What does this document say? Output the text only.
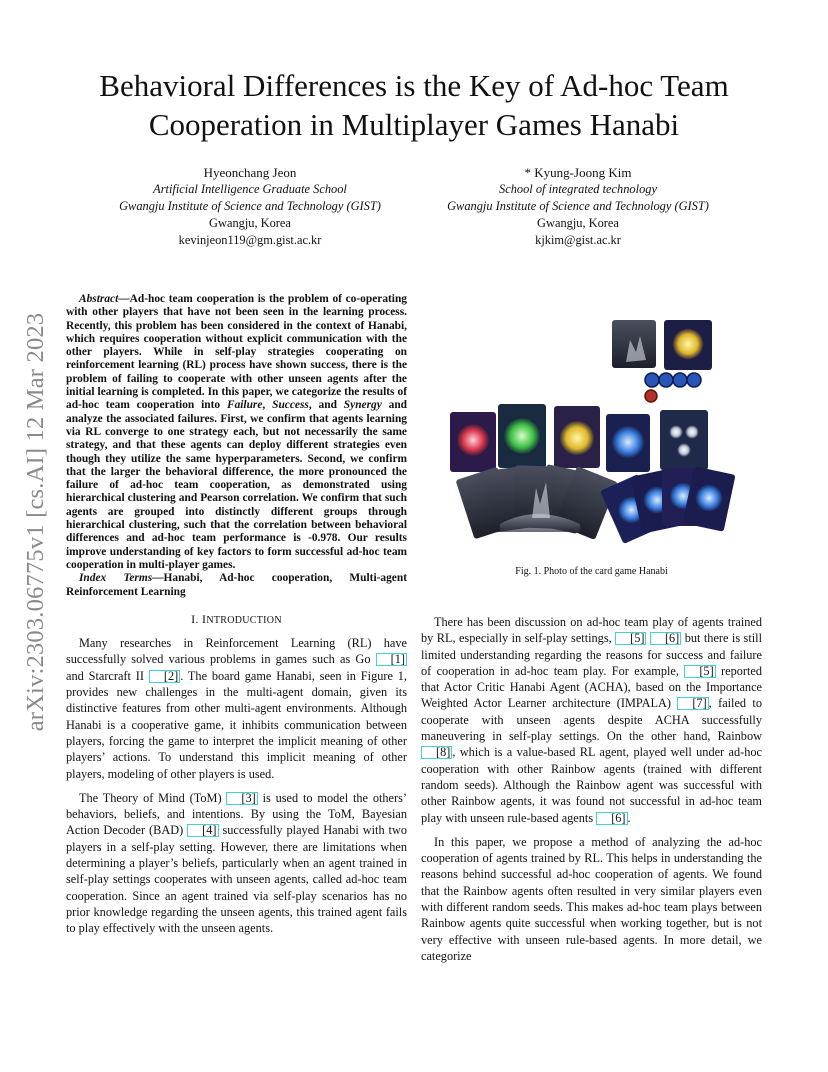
arXiv:2303.06775v1 [cs.AI] 12 Mar 2023
Behavioral Differences is the Key of Ad-hoc Team
Cooperation in Multiplayer Games Hanabi
Hyeonchang Jeon
Artificial Intelligence Graduate School
Gwangju Institute of Science and Technology (GIST)
Gwangju, Korea
kevinjeon119@gm.gist.ac.kr
* Kyung-Joong Kim
School of integrated technology
Gwangju Institute of Science and Technology (GIST)
Gwangju, Korea
kjkim@gist.ac.kr

Abstract—Ad-hoc team cooperation is the problem of co-operating with other players that have not been seen in the learning process. Recently, this problem has been considered in the context of Hanabi, which requires cooperation without explicit communication with the other players. While in self-play strategies cooperating on reinforcement learning (RL) process have shown success, there is the problem of failing to cooperate with other unseen agents after the initial learning is completed. In this paper, we categorize the results of ad-hoc team cooperation into Failure, Success, and Synergy and analyze the associated failures. First, we confirm that agents learning via RL converge to one strategy each, but not necessarily the same strategy, and that these agents can deploy different strategies even though they utilize the same hyperparameters. Second, we confirm that the larger the behavioral difference, the more pronounced the failure of ad-hoc team cooperation, as demonstrated using hierarchical clustering and Pearson correlation. We confirm that such agents are grouped into distinctly different groups through hierarchical clustering, such that the correlation between behavioral differences and ad-hoc team performance is -0.978. Our results improve understanding of key factors to form successful ad-hoc team cooperation in multi-player games.

Index Terms—Hanabi, Ad-hoc cooperation, Multi-agent Reinforcement Learning

I. INTRODUCTION

Many researches in Reinforcement Learning (RL) have successfully solved various problems in games such as Go [1] and Starcraft II [2] . The board game Hanabi, seen in Figure 1, provides new challenges in the multi-agent domain, given its distinctive features from other multi-agent environments. Although Hanabi is a cooperative game, it inhibits communication between players, forcing the game to interpret the implicit meaning of other players’ actions. To understand this implicit meaning of other players, modeling of other players is used.

The Theory of Mind (ToM) [3] is used to model the others’ behaviors, beliefs, and intentions. By using the ToM, Bayesian Action Decoder (BAD) [4] successfully played Hanabi with two players in a self-play setting. However, there are limitations when determining a player’s beliefs, particularly when an agent trained in self-play settings cooperates with unseen agents, called ad-hoc team cooperation. Since an agent trained via self-play scenarios has no prior knowledge regarding the unseen agents, this trained agent fails to play effectively with the unseen agents.

Fig. 1. Photo of the card game Hanabi

There has been discussion on ad-hoc team play of agents trained by RL, especially in self-play settings, [5] [6] but there is still limited understanding regarding the reasons for success and failure of cooperation in ad-hoc team play. For example, [5] reported that Actor Critic Hanabi Agent (ACHA), based on the Importance Weighted Actor Learner architecture (IMPALA) [7] , failed to cooperate with unseen agents despite ACHA successfully maneuvering in self-play settings. On the other hand, Rainbow [8] , which is a value-based RL agent, played well under ad-hoc cooperation with other Rainbow agents (trained with different random seeds). Although the Rainbow agent was successful with other Rainbow agents, it was found not successful in ad-hoc team play with unseen rule-based agents [6] .

In this paper, we propose a method of analyzing the ad-hoc cooperation of agents trained by RL. This helps in understanding the reasons behind successful ad-hoc cooperation of agents. We found that the Rainbow agents often resulted in very similar players even with different random seeds. This makes ad-hoc team plays between Rainbow agents quite successful when working together, but is not very effective with unseen rule-based agents. In more detail, we categorize
